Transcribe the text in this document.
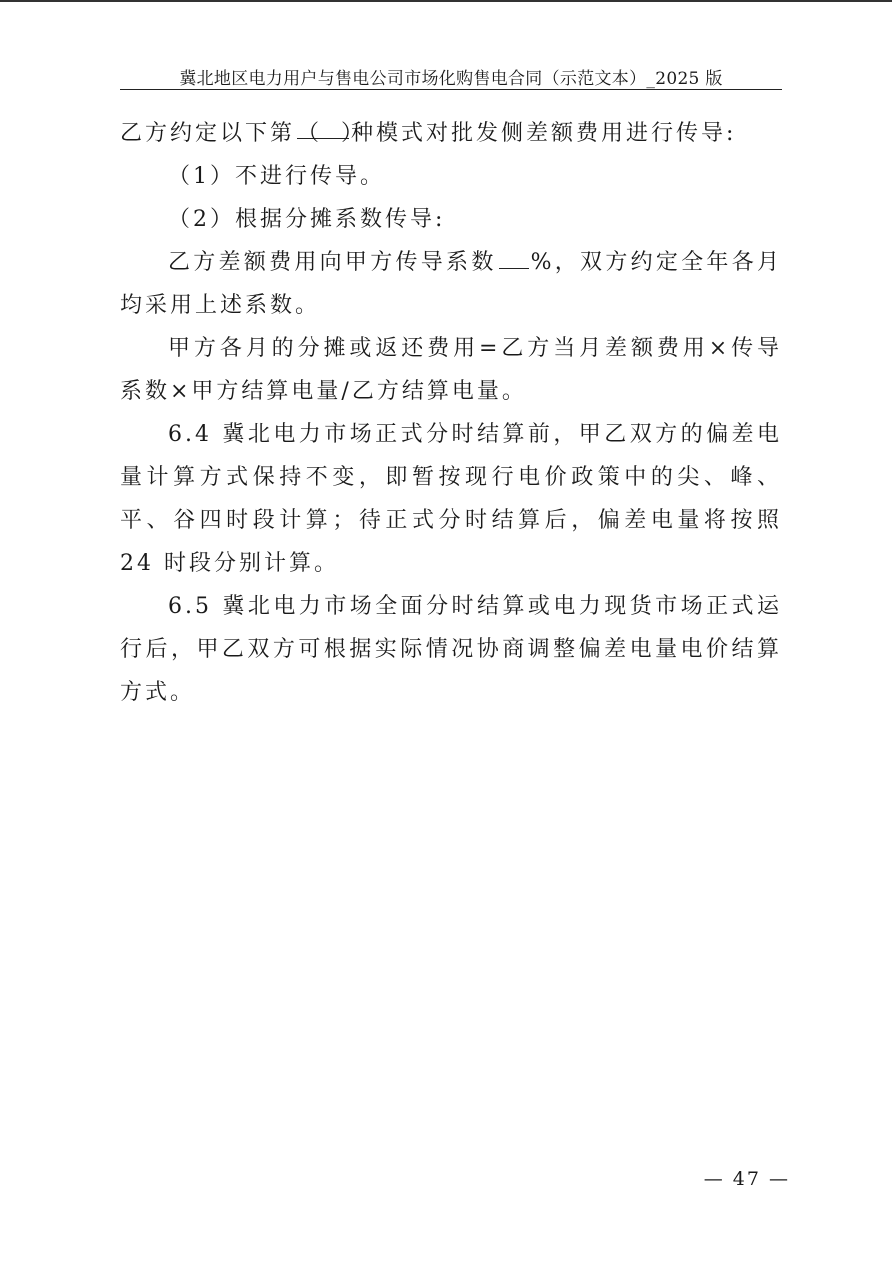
冀北地区电力用户与售电公司市场化购售电合同（示范文本）_2025 版

乙方约定以下第（　）种模式对批发侧差额费用进行传导:

（1）不进行传导。

（2）根据分摊系数传导:

乙方差额费用向甲方传导系数 %，双方约定全年各月均采用上述系数。

甲方各月的分摊或返还费用=乙方当月差额费用×传导系数×甲方结算电量/乙方结算电量。

6.4 冀北电力市场正式分时结算前，甲乙双方的偏差电量计算方式保持不变，即暂按现行电价政策中的尖、峰、平、谷四时段计算；待正式分时结算后，偏差电量将按照 24 时段分别计算。

6.5 冀北电力市场全面分时结算或电力现货市场正式运行后，甲乙双方可根据实际情况协商调整偏差电量电价结算方式。

— 47 —
